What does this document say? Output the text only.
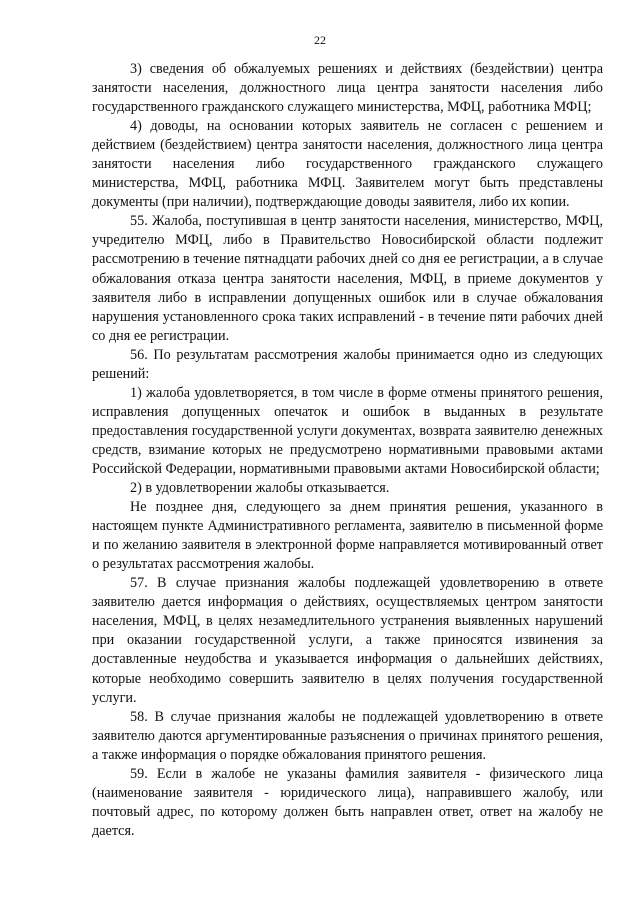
22

3) сведения об обжалуемых решениях и действиях (бездействии) центра занятости населения, должностного лица центра занятости населения либо государственного гражданского служащего министерства, МФЦ, работника МФЦ;

4) доводы, на основании которых заявитель не согласен с решением и действием (бездействием) центра занятости населения, должностного лица центра занятости населения либо государственного гражданского служащего министерства, МФЦ, работника МФЦ. Заявителем могут быть представлены документы (при наличии), подтверждающие доводы заявителя, либо их копии.

55. Жалоба, поступившая в центр занятости населения, министерство, МФЦ, учредителю МФЦ, либо в Правительство Новосибирской области подлежит рассмотрению в течение пятнадцати рабочих дней со дня ее регистрации, а в случае обжалования отказа центра занятости населения, МФЦ, в приеме документов у заявителя либо в исправлении допущенных ошибок или в случае обжалования нарушения установленного срока таких исправлений - в течение пяти рабочих дней со дня ее регистрации.

56. По результатам рассмотрения жалобы принимается одно из следующих решений:

1) жалоба удовлетворяется, в том числе в форме отмены принятого решения, исправления допущенных опечаток и ошибок в выданных в результате предоставления государственной услуги документах, возврата заявителю денежных средств, взимание которых не предусмотрено нормативными правовыми актами Российской Федерации, нормативными правовыми актами Новосибирской области;

2) в удовлетворении жалобы отказывается.

Не позднее дня, следующего за днем принятия решения, указанного в настоящем пункте Административного регламента, заявителю в письменной форме и по желанию заявителя в электронной форме направляется мотивированный ответ о результатах рассмотрения жалобы.

57. В случае признания жалобы подлежащей удовлетворению в ответе заявителю дается информация о действиях, осуществляемых центром занятости населения, МФЦ, в целях незамедлительного устранения выявленных нарушений при оказании государственной услуги, а также приносятся извинения за доставленные неудобства и указывается информация о дальнейших действиях, которые необходимо совершить заявителю в целях получения государственной услуги.

58. В случае признания жалобы не подлежащей удовлетворению в ответе заявителю даются аргументированные разъяснения о причинах принятого решения, а также информация о порядке обжалования принятого решения.

59. Если в жалобе не указаны фамилия заявителя - физического лица (наименование заявителя - юридического лица), направившего жалобу, или почтовый адрес, по которому должен быть направлен ответ, ответ на жалобу не дается.
